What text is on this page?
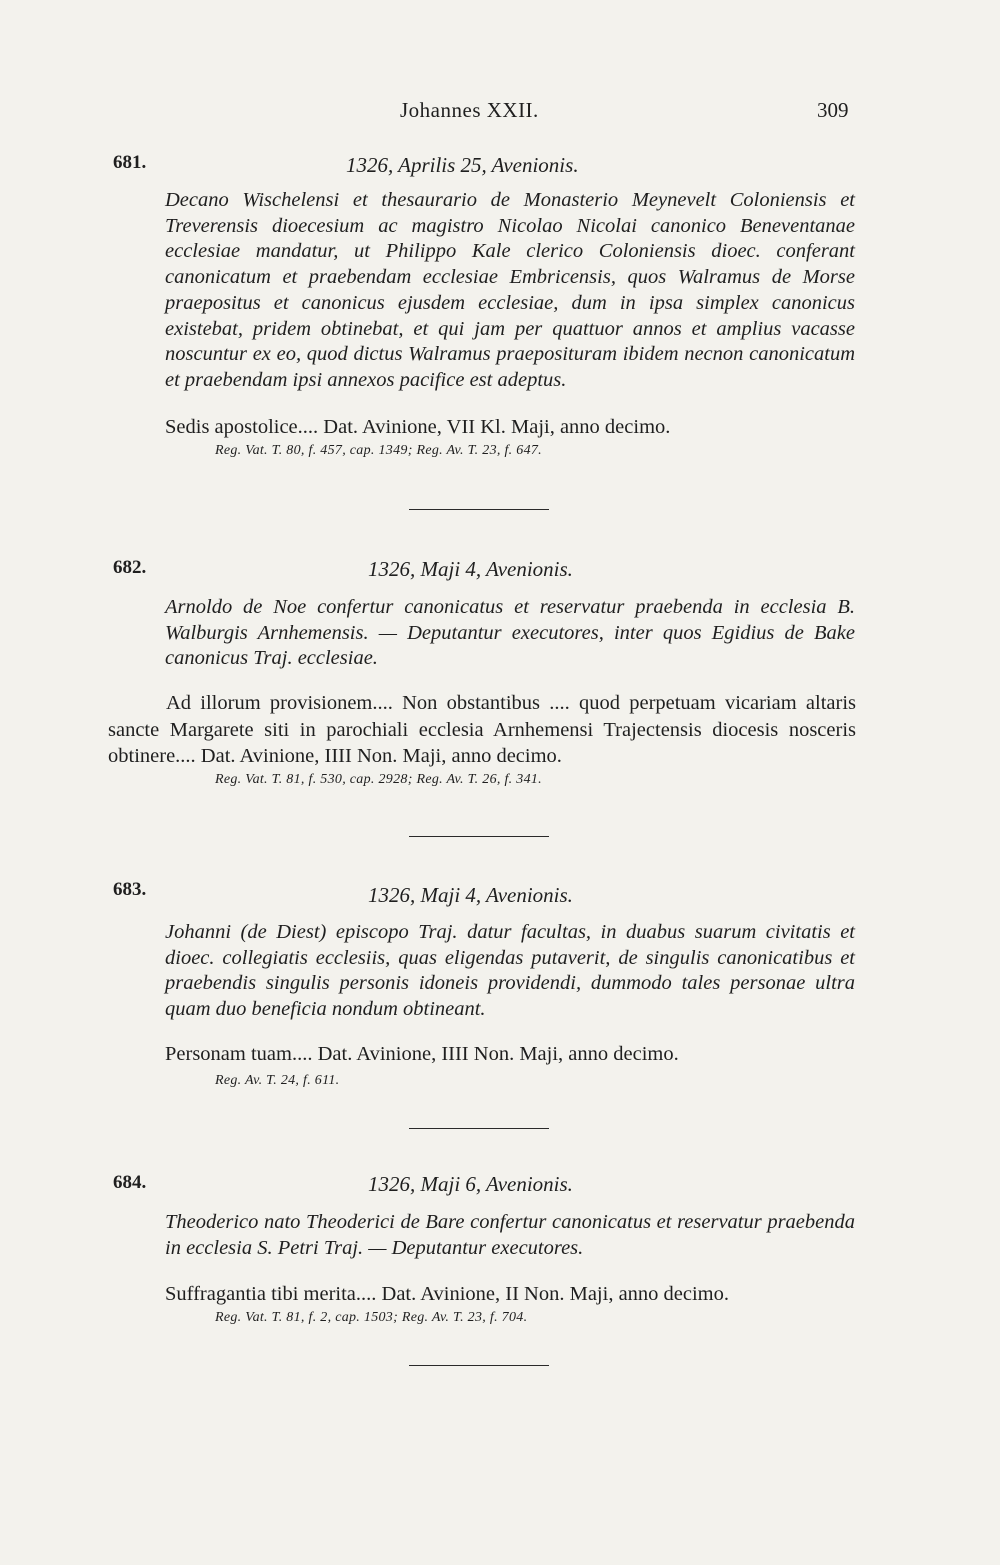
Johannes XXII.	309
681.	1326, Aprilis 25, Avenionis.
Decano Wischelensi et thesaurario de Monasterio Meynevelt Coloniensis et Treverensis dioecesium ac magistro Nicolao Nicolai canonico Beneventanae ecclesiae mandatur, ut Philippo Kale clerico Coloniensis dioec. conferant canonicatum et praebendam ecclesiae Embricensis, quos Walramus de Morse praepositus et canonicus ejusdem ecclesiae, dum in ipsa simplex canonicus existebat, pridem obtinebat, et qui jam per quattuor annos et amplius vacasse noscuntur ex eo, quod dictus Walramus praeposituram ibidem necnon canonicatum et praebendam ipsi annexos pacifice est adeptus.
Sedis apostolice.... Dat. Avinione, VII Kl. Maji, anno decimo.
Reg. Vat. T. 80, f. 457, cap. 1349; Reg. Av. T. 23, f. 647.
682.	1326, Maji 4, Avenionis.
Arnoldo de Noe confertur canonicatus et reservatur praebenda in ecclesia B. Walburgis Arnhemensis. — Deputantur executores, inter quos Egidius de Bake canonicus Traj. ecclesiae.
Ad illorum provisionem.... Non obstantibus .... quod perpetuam vicariam altaris sancte Margarete siti in parochiali ecclesia Arnhemensi Trajectensis diocesis nosceris obtinere.... Dat. Avinione, IIII Non. Maji, anno decimo.
Reg. Vat. T. 81, f. 530, cap. 2928; Reg. Av. T. 26, f. 341.
683.	1326, Maji 4, Avenionis.
Johanni (de Diest) episcopo Traj. datur facultas, in duabus suarum civitatis et dioec. collegiatis ecclesiis, quas eligendas putaverit, de singulis canonicatibus et praebendis singulis personis idoneis providendi, dummodo tales personae ultra quam duo beneficia nondum obtineant.
Personam tuam.... Dat. Avinione, IIII Non. Maji, anno decimo.
Reg. Av. T. 24, f. 611.
684.	1326, Maji 6, Avenionis.
Theoderico nato Theoderici de Bare confertur canonicatus et reservatur praebenda in ecclesia S. Petri Traj. — Deputantur executores.
Suffragantia tibi merita.... Dat. Avinione, II Non. Maji, anno decimo.
Reg. Vat. T. 81, f. 2, cap. 1503; Reg. Av. T. 23, f. 704.
